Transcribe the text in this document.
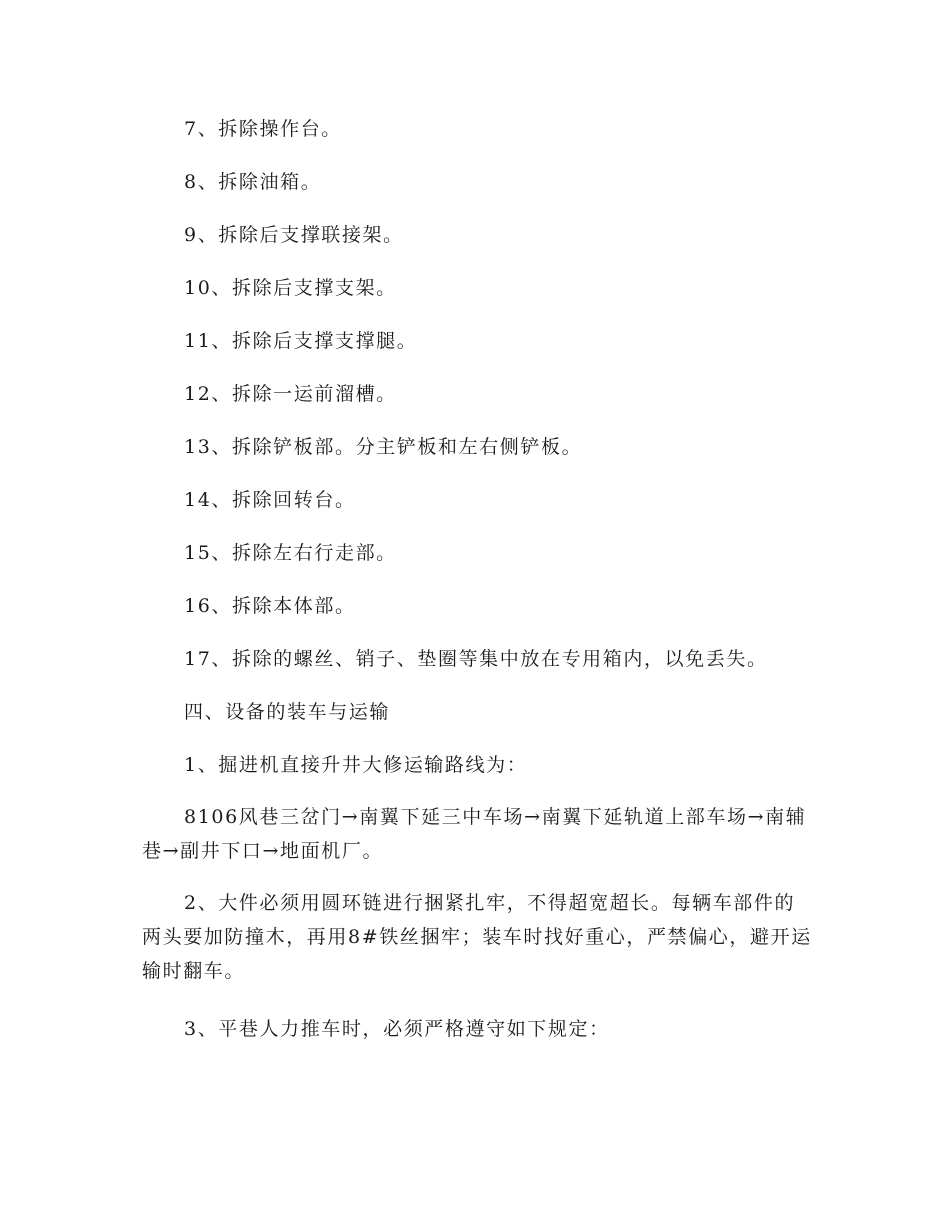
7、拆除操作台。

8、拆除油箱。

9、拆除后支撑联接架。

10、拆除后支撑支架。

11、拆除后支撑支撑腿。

12、拆除一运前溜槽。

13、拆除铲板部。分主铲板和左右侧铲板。

14、拆除回转台。

15、拆除左右行走部。

16、拆除本体部。

17、拆除的螺丝、销子、垫圈等集中放在专用箱内，以免丢失。

四、设备的装车与运输

1、掘进机直接升井大修运输路线为：

8106风巷三岔门→南翼下延三中车场→南翼下延轨道上部车场→南辅巷→副井下口→地面机厂。

2、大件必须用圆环链进行捆紧扎牢，不得超宽超长。每辆车部件的两头要加防撞木，再用8#铁丝捆牢；装车时找好重心，严禁偏心，避开运输时翻车。

3、平巷人力推车时，必须严格遵守如下规定：
